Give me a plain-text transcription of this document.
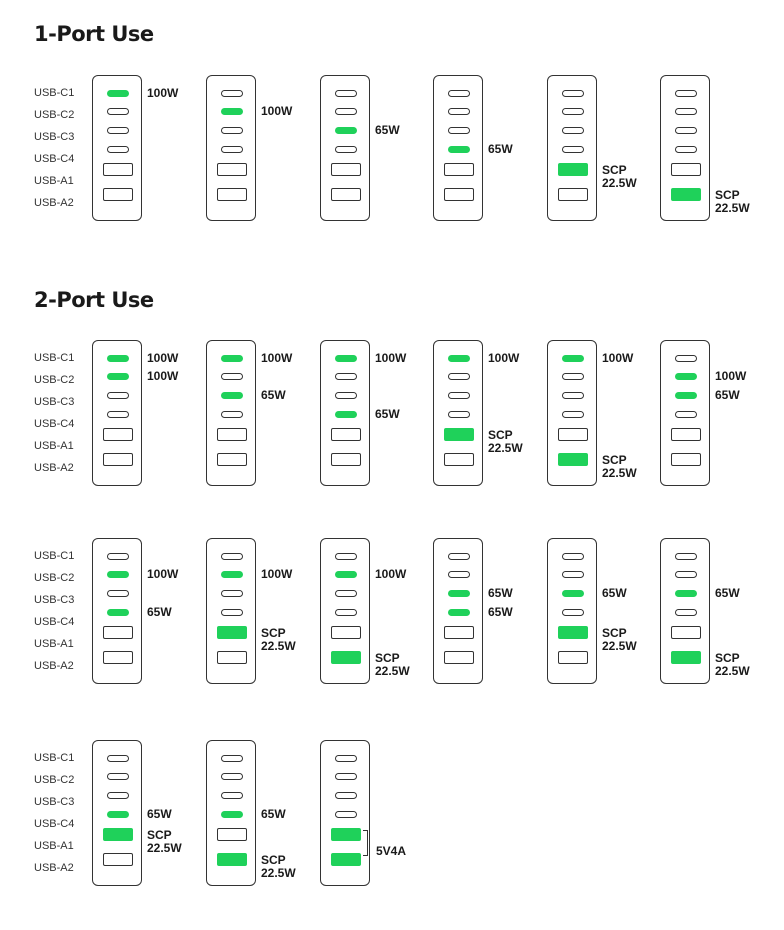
1-Port Use
2-Port Use
USB-C1
USB-C2
USB-C3
USB-C4
USB-A1
USB-A2
100W
100W
65W
65W
SCP
22.5W
SCP
22.5W
USB-C1
USB-C2
USB-C3
USB-C4
USB-A1
USB-A2
100W
100W
100W
65W
100W
65W
100W
SCP
22.5W
100W
SCP
22.5W
100W
65W
USB-C1
USB-C2
USB-C3
USB-C4
USB-A1
USB-A2
100W
65W
100W
SCP
22.5W
100W
SCP
22.5W
65W
65W
65W
SCP
22.5W
65W
SCP
22.5W
USB-C1
USB-C2
USB-C3
USB-C4
USB-A1
USB-A2
65W
SCP
22.5W
65W
SCP
22.5W
5V4A
